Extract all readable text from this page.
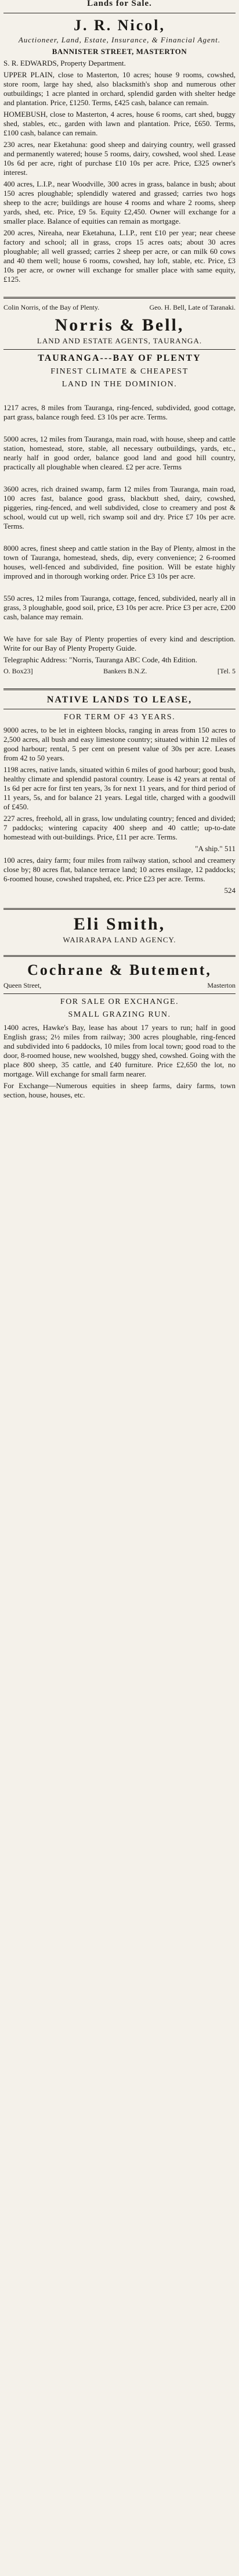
Lands for Sale.
J. R. Nicol,
Auctioneer, Land, Estate, Insurance, & Financial Agent.
BANNISTER STREET, MASTERTON
S. R. EDWARDS, Property Department.
UPPER PLAIN, close to Masterton, 10 acres; house 9 rooms, cowshed, store room, large hay shed, also blacksmith's shop and numerous other outbuildings; 1 acre planted in orchard, splendid garden with shelter hedge and plantation. Price, £1250. Terms, £425 cash, balance can remain.
HOMEBUSH, close to Masterton, 4 acres, house 6 rooms, cart shed, buggy shed, stables, etc., garden with lawn and plantation. Price, £650. Terms, £100 cash, balance can remain.
230 acres, near Eketahuna: good sheep and dairying country, well grassed and permanently watered; house 5 rooms, dairy, cowshed, wool shed. Lease 10s 6d per acre, right of purchase £10 10s per acre. Price, £325 owner's interest.
400 acres, L.I.P., near Woodville, 300 acres in grass, balance in bush; about 150 acres ploughable; splendidly watered and grassed; carries two hogs sheep to the acre; buildings are house 4 rooms and whare 2 rooms, sheep yards, shed, etc. Price, £9 5s. Equity £2,450. Owner will exchange for a smaller place. Balance of equities can remain as mortgage.
200 acres, Nireaha, near Eketahuna, L.I.P., rent £10 per year; near cheese factory and school; all in grass, crops 15 acres oats; about 30 acres ploughable; all well grassed; carries 2 sheep per acre, or can milk 60 cows and 40 them well; house 6 rooms, cowshed, hay loft, stable, etc. Price, £3 10s per acre, or owner will exchange for smaller place with same equity, £125.
Colin Norris, of the Bay of Plenty.	Geo. H. Bell, Late of Taranaki.
Norris & Bell,
LAND AND ESTATE AGENTS, TAURANGA.
TAURANGA---BAY OF PLENTY
FINEST CLIMATE & CHEAPEST
LAND IN THE DOMINION.
1217 acres, 8 miles from Tauranga, ring-fenced, subdivided, good cottage, part grass, balance rough feed. £3 10s per acre. Terms.
5000 acres, 12 miles from Tauranga, main road, with house, sheep and cattle station, homestead, store, stable, all necessary outbuildings, yards, etc., nearly half in good order, balance good land and good hill country, practically all ploughable when cleared. £2 per acre. Terms
3600 acres, rich drained swamp, farm 12 miles from Tauranga, main road, 100 acres fast, balance good grass, blackbutt shed, dairy, cowshed, piggeries, ring-fenced, and well subdivided, close to creamery and post & school, would cut up well, rich swamp soil and dry. Price £7 10s per acre. Terms.
8000 acres, finest sheep and cattle station in the Bay of Plenty, almost in the town of Tauranga, homestead, sheds, dip, every convenience; 2 6-roomed houses, well-fenced and subdivided, fine position. Will be estate highly improved and in thorough working order. Price £3 10s per acre.
550 acres, 12 miles from Tauranga, cottage, fenced, subdivided, nearly all in grass, 3 ploughable, good soil, price, £3 10s per acre. Price £3 per acre, £200 cash, balance may remain.
We have for sale Bay of Plenty properties of every kind and description. Write for our Bay of Plenty Property Guide.
Telegraphic Address: "Norris, Tauranga ABC Code, 4th Edition.
O. Box23]	Bankers B.N.Z.	[Tel. 5
NATIVE LANDS TO LEASE,
FOR TERM OF 43 YEARS.
9000 acres, to be let in eighteen blocks, ranging in areas from 150 acres to 2,500 acres, all bush and easy limestone country; situated within 12 miles of good harbour; rental, 5 per cent on present value of 30s per acre. Leases from 42 to 50 years.
1198 acres, native lands, situated within 6 miles of good harbour; good bush, healthy climate and splendid pastoral country. Lease is 42 years at rental of 1s 6d per acre for first ten years, 3s for next 11 years, and for third period of 11 years, 5s, and for balance 21 years. Legal title, charged with a goodwill of £450.
227 acres, freehold, all in grass, low undulating country; fenced and divided; 7 paddocks; wintering capacity 400 sheep and 40 cattle; up-to-date homestead with out-buildings. Price, £11 per acre. Terms.
"A ship." 511
100 acres, dairy farm; four miles from railway station, school and creamery close by; 80 acres flat, balance terrace land; 10 acres ensilage, 12 paddocks; 6-roomed house, cowshed trapshed, etc. Price £23 per acre. Terms.
524
Eli Smith,
WAIRARAPA LAND AGENCY.
Cochrane & Butement,
Queen Street,	Masterton
FOR SALE OR EXCHANGE.
SMALL GRAZING RUN.
1400 acres, Hawke's Bay, lease has about 17 years to run; half in good English grass; 2½ miles from railway; 300 acres ploughable, ring-fenced and subdivided into 6 paddocks, 10 miles from local town; good road to the door, 8-roomed house, new woolshed, buggy shed, cowshed. Going with the place 800 sheep, 35 cattle, and £40 furniture. Price £2,650 the lot, no mortgage. Will exchange for small farm nearer.
For Exchange—Numerous equities in sheep farms, dairy farms, town section, house, houses, etc.
